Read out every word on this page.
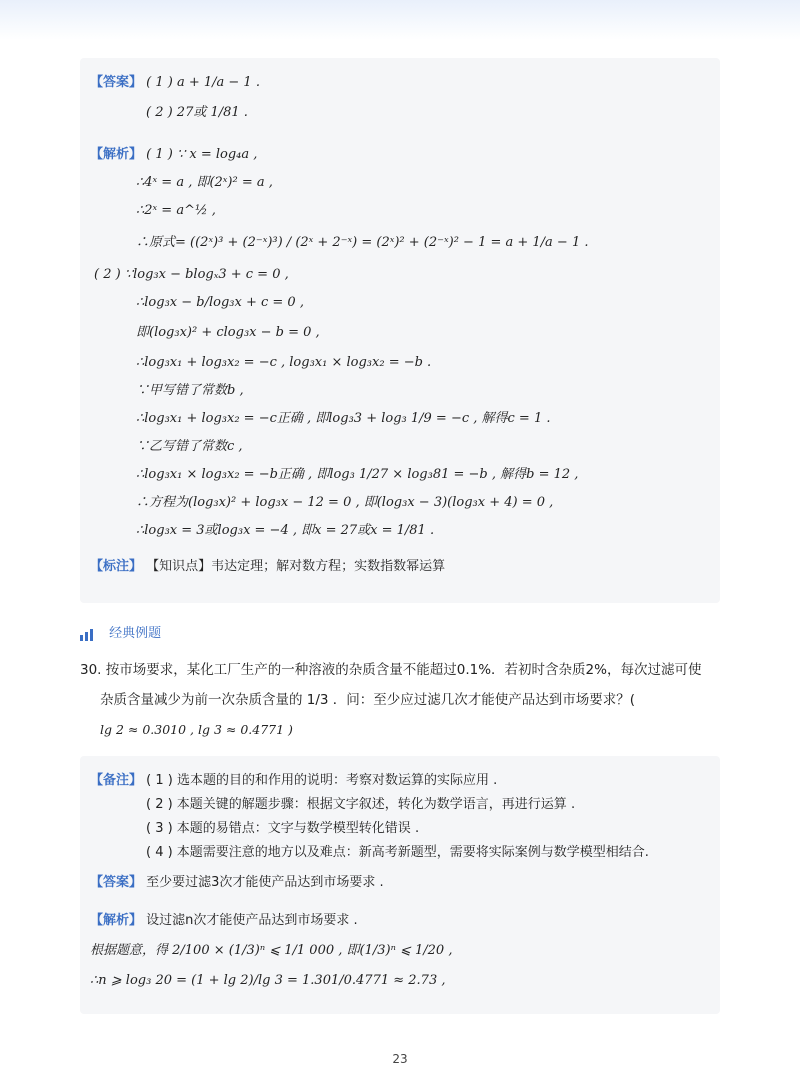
【答案】 ( 1 ) a + 1/a − 1 .
( 2 ) 27或 1/81 .
【解析】 ( 1 ) ∵ x = log₄a ,
∴4ˣ = a , 即(2ˣ)² = a ,
∴2ˣ = a^½ ,
∴原式= ((2ˣ)³ + (2⁻ˣ)³) / (2ˣ + 2⁻ˣ) = (2ˣ)² + (2⁻ˣ)² − 1 = a + 1/a − 1 .
( 2 ) ∵log₃x − blogₓ3 + c = 0 ,
∴log₃x − b/log₃x + c = 0 ,
即(log₃x)² + clog₃x − b = 0 ,
∴log₃x₁ + log₃x₂ = −c , log₃x₁ × log₃x₂ = −b .
∵甲写错了常数b ,
∴log₃x₁ + log₃x₂ = −c正确 , 即log₃3 + log₃ 1/9 = −c , 解得c = 1 .
∵乙写错了常数c ,
∴log₃x₁ × log₃x₂ = −b正确 , 即log₃ 1/27 × log₃81 = −b , 解得b = 12 ,
∴方程为(log₃x)² + log₃x − 12 = 0 , 即(log₃x − 3)(log₃x + 4) = 0 ,
∴log₃x = 3或log₃x = −4 , 即x = 27或x = 1/81 .
【标注】 【知识点】韦达定理；解对数方程；实数指数幂运算
经典例题
30. 按市场要求，某化工厂生产的一种溶液的杂质含量不能超过0.1%．若初时含杂质2%，每次过滤可使
杂质含量减少为前一次杂质含量的 1/3 ．问：至少应过滤几次才能使产品达到市场要求？(
lg 2 ≈ 0.3010 , lg 3 ≈ 0.4771 )
【备注】 ( 1 ) 选本题的目的和作用的说明：考察对数运算的实际应用 .
( 2 ) 本题关键的解题步骤：根据文字叙述，转化为数学语言，再进行运算 .
( 3 ) 本题的易错点：文字与数学模型转化错误 .
( 4 ) 本题需要注意的地方以及难点：新高考新题型，需要将实际案例与数学模型相结合.
【答案】 至少要过滤3次才能使产品达到市场要求 .
【解析】 设过滤n次才能使产品达到市场要求 .
根据题意，得 2/100 × (1/3)ⁿ ⩽ 1/1 000 , 即(1/3)ⁿ ⩽ 1/20 ,
∴n ⩾ log₃ 20 = (1 + lg 2)/lg 3 = 1.301/0.4771 ≈ 2.73 ,
23
